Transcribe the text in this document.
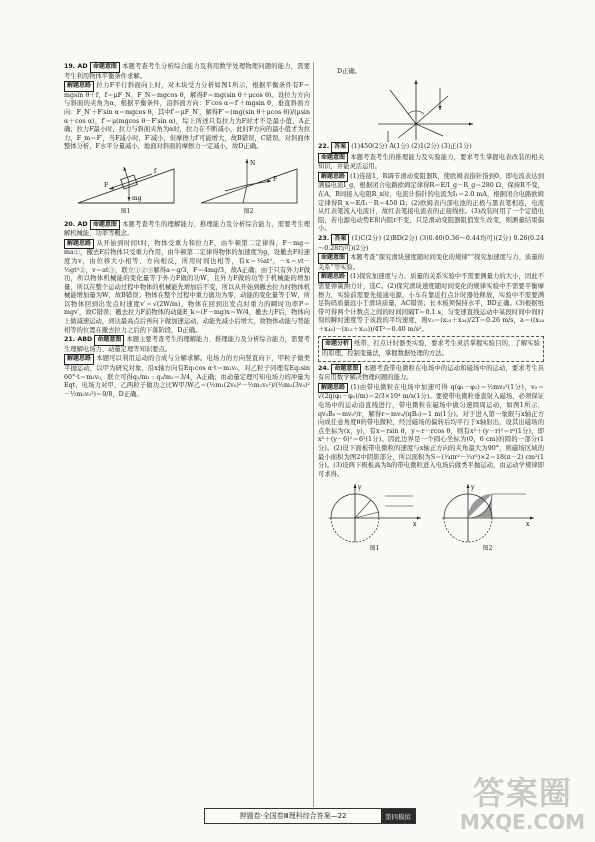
D正确。

19. AD 命题意图 本题考查考生分析综合能力及利用数学处理物理问题的能力，需要考生利用物体平衡条件求解。

解题思路 拉力F平行斜面向上时，对木块受力分析如图1所示，根据平衡条件有F＝mgsin θ＋f，f＝μF_N，F_N＝mgcos θ，解得F＝mg(sin θ＋μcos θ)。设拉力方向与斜面的夹角为α，根据平衡条件，沿斜面方向：F′cos α＝f′＋mgsin θ，垂直斜面方向：F_N′＋F′sin α＝mgcos θ，其中f′＝μF_N′，解得F′＝(mg(sin θ＋μcos θ))/(μsin α＋cos α)，f′＝μ(mgcos θ－F′sin α)，综上所述只有拉力为F时才不是最小值，A正确；拉力F最小时，拉力与斜面夹角为α时，拉力在不断减小，此时F方向的最小值才为拉力，F_m＝F′，当F减小时，F′减小，但摩擦力f′可能增大，故B错误，C错误。对斜面体整体分析，F水平分量减小，地面对斜面的摩擦力一定减小，故D正确。

F
mg
f
图1
N
F
图2

20. AD 命题意图 本题考查考生的理解能力、推理能力及分析综合能力，需要考生理解机械能、功率等概念。

解题思路 从开始到时间t时，物体受重力和拉力F，由牛顿第二定律得，F－mg＝ma①，撤去F后物体只受重力作用，由牛顿第二定律得物体的加速度为g，设撤去F时速度为v，由位移大小相等、方向相反，所用时间也相等，有x＝½at²，－x＝vt－½gt²②，v＝at③，联立①②③解得a＝g/3，F＝4mg/3，故A正确；由于只有外力F做功，所以物体机械能的变化量等于外力F做的功W，且外力F做的功等于机械能的增加量，所以在整个运动过程中物体的机械能先增加后不变，所以从开始到撤去拉力时物体机械能增加量为W，故B错误；物体在整个过程中重力做功为零，动能的变化量等于W，所以物体回到出发点时速度v′＝√(2W/m)，物体在回到出发点时重力的瞬时功率P＝mgv′，故C错误；撤去拉力F前物体的动能E_k＝(F－mg)x＝W/4，撤去力F后，物体向上做减速运动，到达最高点后再向下做加速运动，动能先减小后增大，故物体动能与势能相等的位置在撤去拉力之后的下落阶段，D正确。

21. ABD 命题意图 本题主要考查考生的理解能力、推理能力及分析综合能力，需要考生理解电场力、动量定理等知识要点。

解题思路 本题可以利用运动的合成与分解求解。电场力的方向竖直向下，甲粒子做类平抛运动，以甲为研究对象，沿x轴方向有Eq₁cos α·t＝m₁v₀，对乙粒子同理有Eq₂sin 60°·t＝m₂v₀，联立可得q₁/m₁ : q₂/m₂＝3/4，A正确；由动量定理可知电场力的冲量为Eqt，电场力对甲、乙两粒子做功之比W甲/W乙＝(½m₁(2v₀)²－½m₁v₀²)/(½m₂(3v₀)²－½m₂v₀²)＝9/8，D正确。

22. 答案 (1)450(2分) A(1分) (2)1(2分) (3)正(1分)

命题意图 本题考查考生的推理能力及实验能力，要求考生掌握电表改装的相关知识，并能灵活运用。

解题思路 (1)连接1，R调节滑动变阻器R，使欧姆表指针指到0，即电流表达到满偏电流I_g，根据闭合电路欧姆定律得R＝E/I_g－R_g＝280 Ω，保持R不变，在A，B间接入电阻R_x时，电流计指针的电流为I₁＝2.0 mA，根据闭合电路欧姆定律得R_x＝E/I₁－R＝450 Ω；(2)欧姆表内部电池的正极与黑表笔相连，电流从红表笔流入电流计，故红表笔接电流表的正接线柱。(3)改装时用了一个定值电阻，若电源电动势E和内阻r不变，只是滑动变阻器阻值发生改变，则测量结果偏小。

23. 答案 (1)C(2分) (2)BD(2分) (3)0.40(0.36～0.44均可)(2分) 0.26(0.24～0.28均可)(2分)

命题意图 本题考查“探究滑块速度随时间变化的规律”“探究加速度与力、质量的关系”等实验。

解题思路 (1)探究加速度与力、质量的关系实验中不需要测量力的大小，因此不需要弹簧测力计，选C。(2)探究滑块速度随时间变化的规律实验中不需要平衡摩擦力，实验前需要先接通电源，小车在靠近打点计时器处释放，实验中不需要满足钩码质量远小于滑块质量，AC错误；长木板须保持水平，BD正确。(3)根据纸带可得两个计数点之间的时间间隔T＝0.1 s，匀变速直线运动中某段时间中间时刻的瞬时速度等于该段的平均速度，则v₃＝(x₂₃＋x₃₄)/2T＝0.26 m/s，a＝((x₃₄＋x₄₅)－(x₁₂＋x₂₃))/4T²＝0.40 m/s²。

命题分析 纸带，打点计时器类实验，要求考生灵活掌握实验目的，了解实验的原理，控制变量法，掌握数据处理的方法。

24. 命题意图 本题考查带电微粒在电场中的运动和磁场中的运动，要求考生具有应用数学解决物理问题的能力。

解题思路 (1)由带电微粒在电场中加速可得 q(φ₁－φ₂)＝½mv₀²(1分)，v₀＝√(2q(φ₁－φ₂)/m)＝2/3×10⁴ m/s(1分)。要使带电微粒垂直射入磁场，必须保证电场中的运动沿直线进行，带电微粒在磁场中做匀速圆周运动，如图1所示，qv₀B₀＝mv₀²/r，解得r＝mv₀/(qB₀)＝1 m(1分)。对于进入第一象限与x轴正方向成任意角度θ的带电微粒，经过磁场的偏转后均平行于x轴射出，设其出磁场的点坐标为(x，y)，有x＝rsin θ，y＝r－rcos θ，则有x²＋(y－r)²＝r²(1分)，即x²＋(y－6)²＝6²(1分)。因此边界是一个圆心坐标为(0，6 cm)的圆的一部分(1分)。(2)设下面板带电微粒的速度与x轴正方向的夹角最大为90°，则磁场区域的最小面积为图2中阴影部分，所以面积为S＝(¼πr²－½r²)×2＝18(π－2) cm²(1分)。(3)设两下极板高为h的带电微粒进入电场后做类平抛运动，由运动学规律即可求得。

x
y
图1
x
y
图2
押题卷·全国卷Ⅲ理科综合答案—22	第四模拟
答案圈
MXQE.COM
